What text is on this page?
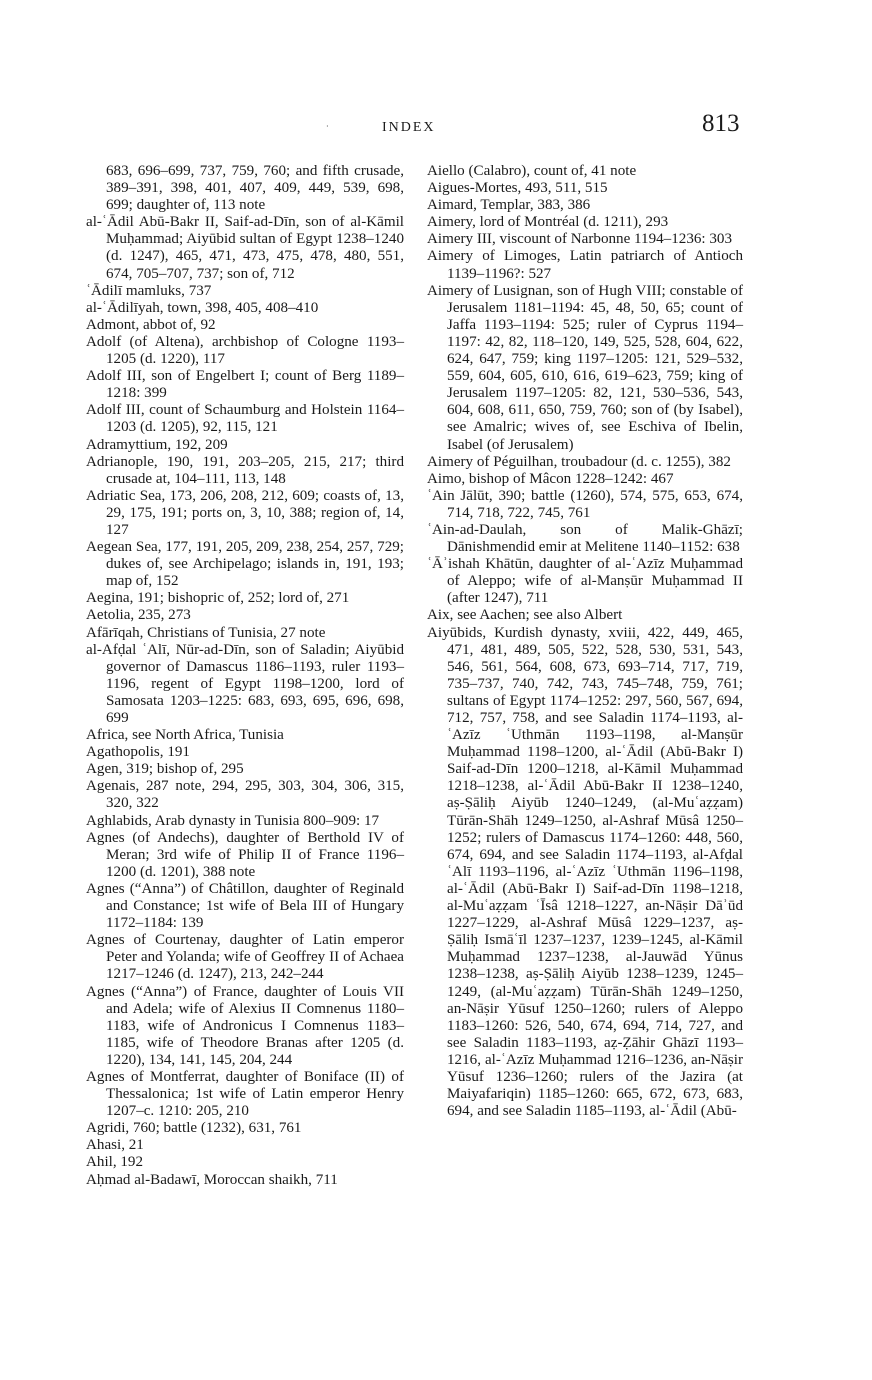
·	INDEX	813

683, 696–699, 737, 759, 760; and fifth crusade, 389–391, 398, 401, 407, 409, 449, 539, 698, 699; daughter of, 113 note

al-ʿĀdil Abū-Bakr II, Saif-ad-Dīn, son of al-Kāmil Muḥammad; Aiyūbid sultan of Egypt 1238–1240 (d. 1247), 465, 471, 473, 475, 478, 480, 551, 674, 705–707, 737; son of, 712

ʿĀdilī mamluks, 737

al-ʿĀdilīyah, town, 398, 405, 408–410

Admont, abbot of, 92

Adolf (of Altena), archbishop of Cologne 1193–1205 (d. 1220), 117

Adolf III, son of Engelbert I; count of Berg 1189–1218: 399

Adolf III, count of Schaumburg and Holstein 1164–1203 (d. 1205), 92, 115, 121

Adramyttium, 192, 209

Adrianople, 190, 191, 203–205, 215, 217; third crusade at, 104–111, 113, 148

Adriatic Sea, 173, 206, 208, 212, 609; coasts of, 13, 29, 175, 191; ports on, 3, 10, 388; region of, 14, 127

Aegean Sea, 177, 191, 205, 209, 238, 254, 257, 729; dukes of, see Archipelago; islands in, 191, 193; map of, 152

Aegina, 191; bishopric of, 252; lord of, 271

Aetolia, 235, 273

Afārīqah, Christians of Tunisia, 27 note

al-Afḍal ʿAlī, Nūr-ad-Dīn, son of Saladin; Aiyūbid governor of Damascus 1186–1193, ruler 1193–1196, regent of Egypt 1198–1200, lord of Samosata 1203–1225: 683, 693, 695, 696, 698, 699

Africa, see North Africa, Tunisia

Agathopolis, 191

Agen, 319; bishop of, 295

Agenais, 287 note, 294, 295, 303, 304, 306, 315, 320, 322

Aghlabids, Arab dynasty in Tunisia 800–909: 17

Agnes (of Andechs), daughter of Berthold IV of Meran; 3rd wife of Philip II of France 1196–1200 (d. 1201), 388 note

Agnes (“Anna”) of Châtillon, daughter of Reginald and Constance; 1st wife of Bela III of Hungary 1172–1184: 139

Agnes of Courtenay, daughter of Latin emperor Peter and Yolanda; wife of Geoffrey II of Achaea 1217–1246 (d. 1247), 213, 242–244

Agnes (“Anna”) of France, daughter of Louis VII and Adela; wife of Alexius II Comnenus 1180–1183, wife of Andronicus I Comnenus 1183–1185, wife of Theodore Branas after 1205 (d. 1220), 134, 141, 145, 204, 244

Agnes of Montferrat, daughter of Boniface (II) of Thessalonica; 1st wife of Latin emperor Henry 1207–c. 1210: 205, 210

Agridi, 760; battle (1232), 631, 761

Ahasi, 21

Ahil, 192

Aḥmad al-Badawī, Moroccan shaikh, 711

Aiello (Calabro), count of, 41 note

Aigues-Mortes, 493, 511, 515

Aimard, Templar, 383, 386

Aimery, lord of Montréal (d. 1211), 293

Aimery III, viscount of Narbonne 1194–1236: 303

Aimery of Limoges, Latin patriarch of Antioch 1139–1196?: 527

Aimery of Lusignan, son of Hugh VIII; constable of Jerusalem 1181–1194: 45, 48, 50, 65; count of Jaffa 1193–1194: 525; ruler of Cyprus 1194–1197: 42, 82, 118–120, 149, 525, 528, 604, 622, 624, 647, 759; king 1197–1205: 121, 529–532, 559, 604, 605, 610, 616, 619–623, 759; king of Jerusalem 1197–1205: 82, 121, 530–536, 543, 604, 608, 611, 650, 759, 760; son of (by Isabel), see Amalric; wives of, see Eschiva of Ibelin, Isabel (of Jerusalem)

Aimery of Péguilhan, troubadour (d. c. 1255), 382

Aimo, bishop of Mâcon 1228–1242: 467

ʿAin Jālūt, 390; battle (1260), 574, 575, 653, 674, 714, 718, 722, 745, 761

ʿAin-ad-Daulah, son of Malik-Ghāzī; Dānishmendid emir at Melitene 1140–1152: 638

ʿĀʾishah Khātūn, daughter of al-ʿAzīz Muḥammad of Aleppo; wife of al-Manṣūr Muḥammad II (after 1247), 711

Aix, see Aachen; see also Albert

Aiyūbids, Kurdish dynasty, xviii, 422, 449, 465, 471, 481, 489, 505, 522, 528, 530, 531, 543, 546, 561, 564, 608, 673, 693–714, 717, 719, 735–737, 740, 742, 743, 745–748, 759, 761; sultans of Egypt 1174–1252: 297, 560, 567, 694, 712, 757, 758, and see Saladin 1174–1193, al-ʿAzīz ʿUthmān 1193–1198, al-Manṣūr Muḥammad 1198–1200, al-ʿĀdil (Abū-Bakr I) Saif-ad-Dīn 1200–1218, al-Kāmil Muḥammad 1218–1238, al-ʿĀdil Abū-Bakr II 1238–1240, aṣ-Ṣāliḥ Aiyūb 1240–1249, (al-Muʿaẓẓam) Tūrān-Shāh 1249–1250, al-Ashraf Mūsâ 1250–1252; rulers of Damascus 1174–1260: 448, 560, 674, 694, and see Saladin 1174–1193, al-Afḍal ʿAlī 1193–1196, al-ʿAzīz ʿUthmān 1196–1198, al-ʿĀdil (Abū-Bakr I) Saif-ad-Dīn 1198–1218, al-Muʿaẓẓam ʿĪsâ 1218–1227, an-Nāṣir Dāʾūd 1227–1229, al-Ashraf Mūsâ 1229–1237, aṣ-Ṣāliḥ Ismāʿīl 1237–1237, 1239–1245, al-Kāmil Muḥammad 1237–1238, al-Jauwād Yūnus 1238–1238, aṣ-Ṣāliḥ Aiyūb 1238–1239, 1245–1249, (al-Muʿaẓẓam) Tūrān-Shāh 1249–1250, an-Nāṣir Yūsuf 1250–1260; rulers of Aleppo 1183–1260: 526, 540, 674, 694, 714, 727, and see Saladin 1183–1193, aẓ-Ẓāhir Ghāzī 1193–1216, al-ʿAzīz Muḥammad 1216–1236, an-Nāṣir Yūsuf 1236–1260; rulers of the Jazira (at Maiyafariqin) 1185–1260: 665, 672, 673, 683, 694, and see Saladin 1185–1193, al-ʿĀdil (Abū-
